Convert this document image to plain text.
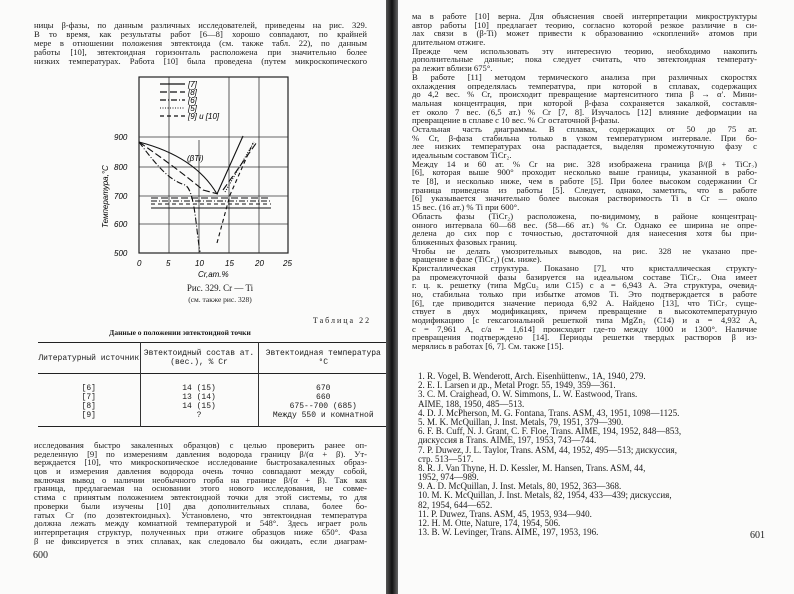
ницы β-фазы, по данным различных исследователей, приведены на рис. 329.
В то время, как результаты работ [6—8] хорошо совпадают, по крайней
мере в отношении положения эвтектоида (см. также табл. 22), по данным
работы [10], эвтектоидная горизонталь расположена при значительно более
низких температурах. Работа [10] была проведена (путем микроскопического
[7]
[8]
[6]
[5]
[9] и [10]
(βTi)
900
800
700
600
500
0	5	10	15	20 25
Cr,ат.%
Температура,°С
Рис. 329. Cr — Ti
(см. также рис. 328)
Таблица 22
Данные о положении эвтектоидной точки
Литературный источник	Эвтектоидный состав ат. (вес.), % Cr	Эвтектоидная температура °С
[6]	14 (15)	670
[7]	13 (14)	660
[8]	14 (15)	675--700 (685)
[9]	?	Между 550 и комнатной
исследования быстро закаленных образцов) с целью проверить ранее оп-
ределенную [9] по измерениям давления водорода границу β/(α + β). Ут-
верждается [10], что микроскопическое исследование быстрозакаленных образ-
цов и измерения давления водорода очень точно совпадают между собой,
включая вывод о наличии необычного горба на границе β/(α + β). Так как
граница, предлагаемая на основании этого нового исследования, не совме-
стима с принятым положением эвтектоидной точки для этой системы, то для
проверки были изучены [10] два дополнительных сплава, более бо-
гатых Cr (по доэвтектоидных). Установлено, что эвтектоидная температура
должна лежать между комнатной температурой и 548°. Здесь играет роль
интерпретация структур, полученных при отжиге образцов ниже 650°. Фаза
β не фиксируется в этих сплавах, как следовало бы ожидать, если диаграм-
600
ма в работе [10] верна. Для объяснения своей интерпретации микроструктуры
автор работы [10] предлагает теорию, согласно которой резкое различие в си-
лах связи в (β-Ti) может привести к образованию «скоплений» атомов при
длительном отжиге.
Прежде чем использовать эту интересную теорию, необходимо накопить
дополнительные данные; пока следует считать, что эвтектоидная температу-
ра лежит вблизи 675°.
В работе [11] методом термического анализа при различных скоростях
охлаждения определялась температура, при которой в сплавах, содержащих
до 4,2 вес. % Cr, происходит превращение мартенситного типа β → α′. Мини-
мальная концентрация, при которой β-фаза сохраняется закалкой, составля-
ет около 7 вес. (6,5 ат.) % Cr [7, 8]. Изучалось [12] влияние деформации на
превращение в сплаве с 10 вес. % Cr остаточной β-фазы.
Остальная часть диаграммы. В сплавах, содержащих от 50 до 75 ат.
% Cr, β-фаза стабильна только в узком температурном интервале. При бо-
лее низких температурах она распадается, выделяя промежуточную фазу с
идеальным составом TiCr₂.
Между 14 и 60 ат. % Cr на рис. 328 изображена граница β/(β + TiCr₂)
[6], которая выше 900° проходит несколько выше границы, указанной в рабо-
те [8], и несколько ниже, чем в работе [5]. При более высоком содержании Cr
граница приведена из работы [5]. Следует, однако, заметить, что в работе
[6] указывается значительно более высокая растворимость Ti в Cr — около
15 вес. (16 ат.) % Ti при 600°.
Область фазы (TiCr₂) расположена, по-видимому, в районе концентрац-
онного интервала 60—68 вес. (58—66 ат.) % Cr. Однако ее ширина не опре-
делена до сих пор с точностью, достаточной для нанесения хотя бы при-
ближенных фазовых границ.
Чтобы не делать умозрительных выводов, на рис. 328 не указано пре-
вращение в фазе (TiCr₂) (см. ниже).
Кристаллическая структура. Показано [7], что кристаллическая структу-
ра промежуточной фазы базируется на идеальном составе TiCr₂. Она имеет
г. ц. к. решетку (типа MgCu₂ или C15) с a = 6,943 А. Эта структура, очевид-
но, стабильна только при избытке атомов Ti. Это подтверждается в работе
[6], где приводится значение периода 6,92 А. Найдено [13], что TiCr₂ суще-
ствует в двух модификациях, причем превращение в высокотемпературную
модификацию [с гексагональной решеткой типа MgZn₂ (C14) и a = 4,932 А,
c = 7,961 А, c/a = 1,614] происходит где-то между 1000 и 1300°. Наличие
превращения подтверждено [14]. Периоды решетки твердых растворов β из-
мерялись в работах [6, 7]. См. также [15].
1. R. Vogel, B. Wenderott, Arch. Eisenhüttenw., 1A, 1940, 279.
2. E. I. Larsen и др., Metal Progr. 55, 1949, 359—361.
3. C. M. Craighead, O. W. Simmons, L. W. Eastwood, Trans.
AIME, 188, 1950, 485—513.
4. D. J. McPherson, M. G. Fontana, Trans. ASM, 43, 1951, 1098—1125.
5. M. K. McQuillan, J. Inst. Metals, 79, 1951, 379—390.
6. F. B. Cuff, N. J. Grant, C. F. Floe, Trans. AIME, 194, 1952, 848—853,
дискуссия в Trans. AIME, 197, 1953, 743—744.
7. P. Duwez, J. L. Taylor, Trans. ASM, 44, 1952, 495—513; дискуссия,
стр. 513—517.
8. R. J. Van Thyne, H. D. Kessler, M. Hansen, Trans. ASM, 44,
1952, 974—989.
9. A. D. McQuillan, J. Inst. Metals, 80, 1952, 363—368.
10. M. K. McQuillan, J. Inst. Metals, 82, 1954, 433—439; дискуссия,
82, 1954, 644—652.
11. P. Duwez, Trans. ASM, 45, 1953, 934—940.
12. H. M. Otte, Nature, 174, 1954, 506.
13. B. W. Levinger, Trans. AIME, 197, 1953, 196.	601
